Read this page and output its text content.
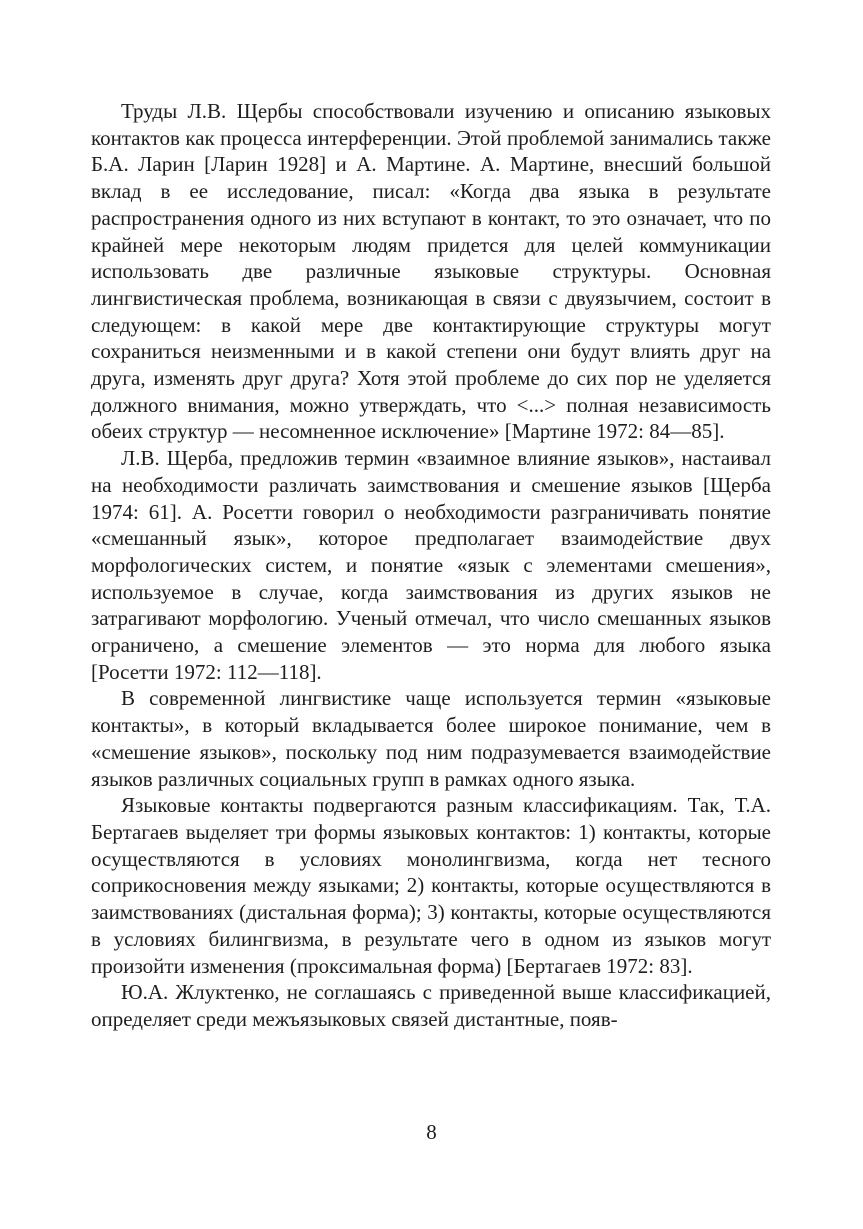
Труды Л.В. Щербы способствовали изучению и описанию языковых контактов как процесса интерференции. Этой проблемой занимались также Б.А. Ларин [Ларин 1928] и А. Мартине. А. Мартине, внесший большой вклад в ее исследование, писал: «Когда два языка в результате распространения одного из них вступают в контакт, то это означает, что по крайней мере некоторым людям придется для целей коммуникации использовать две различные языковые структуры. Основная лингвистическая проблема, возникающая в связи с двуязычием, состоит в следующем: в какой мере две контактирующие структуры могут сохраниться неизменными и в какой степени они будут влиять друг на друга, изменять друг друга? Хотя этой проблеме до сих пор не уделяется должного внимания, можно утверждать, что <...> полная независимость обеих структур — несомненное исключение» [Мартине 1972: 84—85].

Л.В. Щерба, предложив термин «взаимное влияние языков», настаивал на необходимости различать заимствования и смешение языков [Щерба 1974: 61]. А. Росетти говорил о необходимости разграничивать понятие «смешанный язык», которое предполагает взаимодействие двух морфологических систем, и понятие «язык с элементами смешения», используемое в случае, когда заимствования из других языков не затрагивают морфологию. Ученый отмечал, что число смешанных языков ограничено, а смешение элементов — это норма для любого языка [Росетти 1972: 112—118].

В современной лингвистике чаще используется термин «языковые контакты», в который вкладывается более широкое понимание, чем в «смешение языков», поскольку под ним подразумевается взаимодействие языков различных социальных групп в рамках одного языка.

Языковые контакты подвергаются разным классификациям. Так, Т.А. Бертагаев выделяет три формы языковых контактов: 1) контакты, которые осуществляются в условиях монолингвизма, когда нет тесного соприкосновения между языками; 2) контакты, которые осуществляются в заимствованиях (дистальная форма); 3) контакты, которые осуществляются в условиях билингвизма, в результате чего в одном из языков могут произойти изменения (проксимальная форма) [Бертагаев 1972: 83].

Ю.А. Жлуктенко, не соглашаясь с приведенной выше классификацией, определяет среди межъязыковых связей дистантные, появ-

8
